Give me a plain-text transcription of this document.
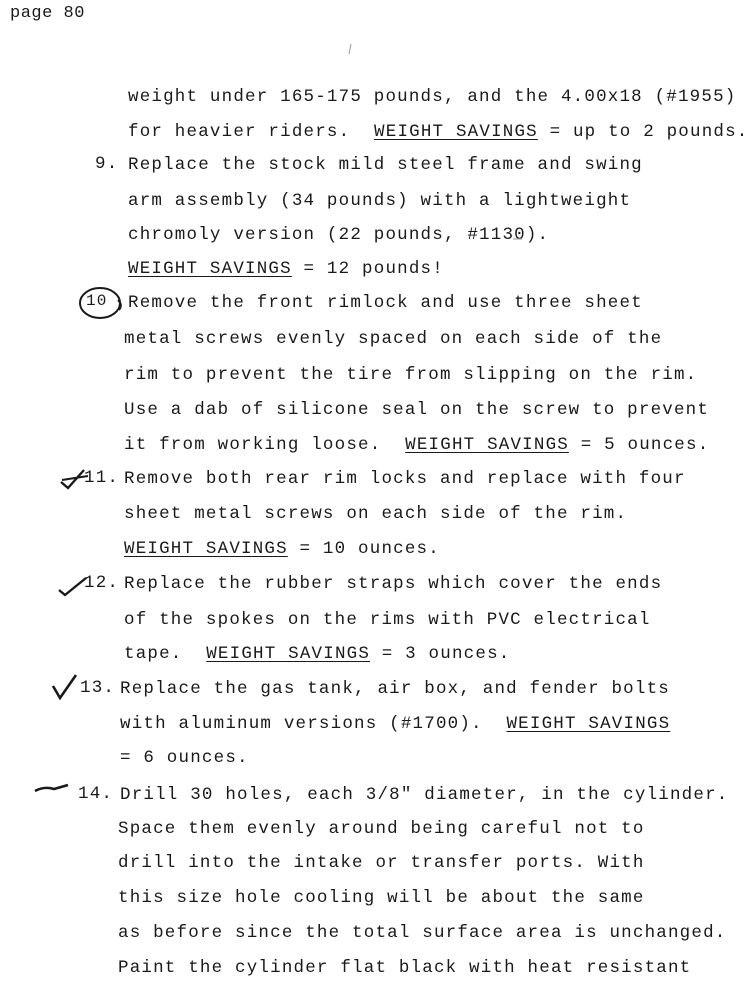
page 80
weight under 165-175 pounds, and the 4.00x18 (#1955)
for heavier riders. WEIGHT SAVINGS = up to 2 pounds.
9. Replace the stock mild steel frame and swing
arm assembly (34 pounds) with a lightweight
chromoly version (22 pounds, #1130).
WEIGHT SAVINGS = 12 pounds!
10 Remove the front rimlock and use three sheet
metal screws evenly spaced on each side of the
rim to prevent the tire from slipping on the rim.
Use a dab of silicone seal on the screw to prevent
it from working loose. WEIGHT SAVINGS = 5 ounces.
11. Remove both rear rim locks and replace with four
sheet metal screws on each side of the rim.
WEIGHT SAVINGS = 10 ounces.
12. Replace the rubber straps which cover the ends
of the spokes on the rims with PVC electrical
tape. WEIGHT SAVINGS = 3 ounces.
13. Replace the gas tank, air box, and fender bolts
with aluminum versions (#1700). WEIGHT SAVINGS
= 6 ounces.
14. Drill 30 holes, each 3/8" diameter, in the cylinder.
Space them evenly around being careful not to
drill into the intake or transfer ports. With
this size hole cooling will be about the same
as before since the total surface area is unchanged.
Paint the cylinder flat black with heat resistant
